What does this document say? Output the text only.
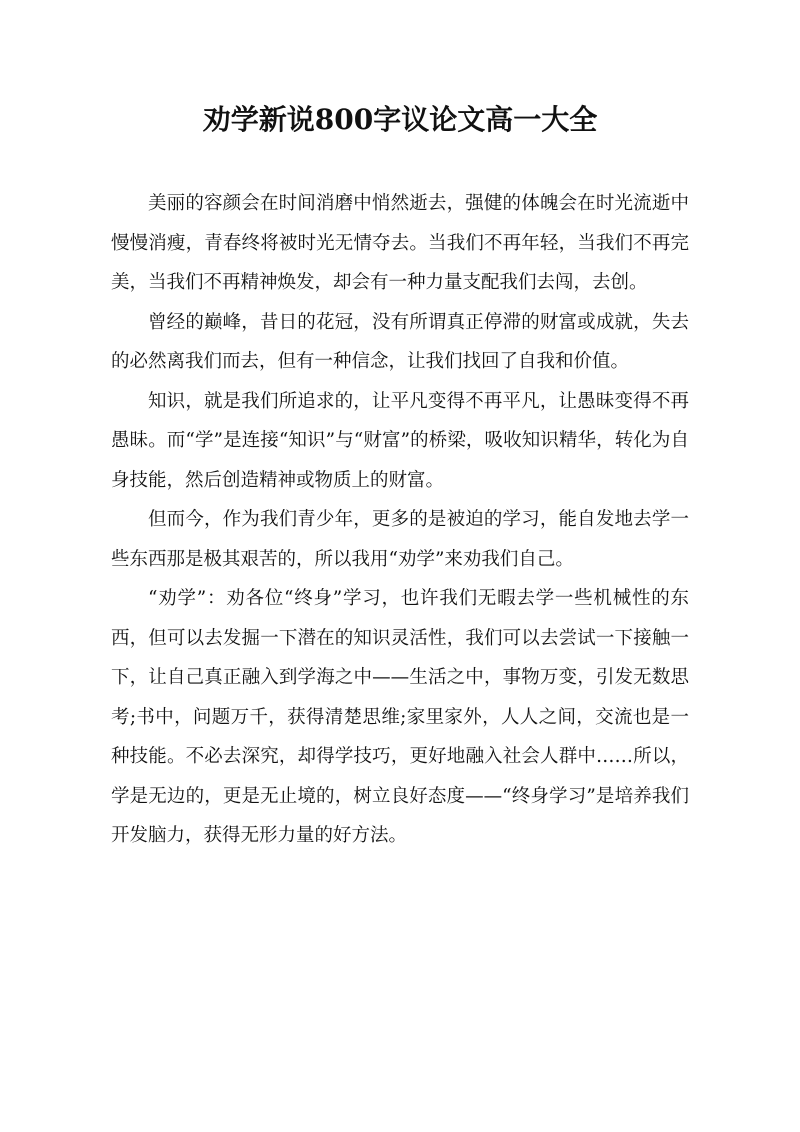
劝学新说800字议论文高一大全

美丽的容颜会在时间消磨中悄然逝去，强健的体魄会在时光流逝中慢慢消瘦，青春终将被时光无情夺去。当我们不再年轻，当我们不再完美，当我们不再精神焕发，却会有一种力量支配我们去闯，去创。

曾经的巅峰，昔日的花冠，没有所谓真正停滞的财富或成就，失去的必然离我们而去，但有一种信念，让我们找回了自我和价值。

知识，就是我们所追求的，让平凡变得不再平凡，让愚昧变得不再愚昧。而“学”是连接“知识”与“财富”的桥梁，吸收知识精华，转化为自身技能，然后创造精神或物质上的财富。

但而今，作为我们青少年，更多的是被迫的学习，能自发地去学一些东西那是极其艰苦的，所以我用“劝学”来劝我们自己。

“劝学”：劝各位“终身”学习，也许我们无暇去学一些机械性的东西，但可以去发掘一下潜在的知识灵活性，我们可以去尝试一下接触一下，让自己真正融入到学海之中——生活之中，事物万变，引发无数思考;书中，问题万千，获得清楚思维;家里家外，人人之间，交流也是一种技能。不必去深究，却得学技巧，更好地融入社会人群中……所以，学是无边的，更是无止境的，树立良好态度——“终身学习”是培养我们开发脑力，获得无形力量的好方法。
